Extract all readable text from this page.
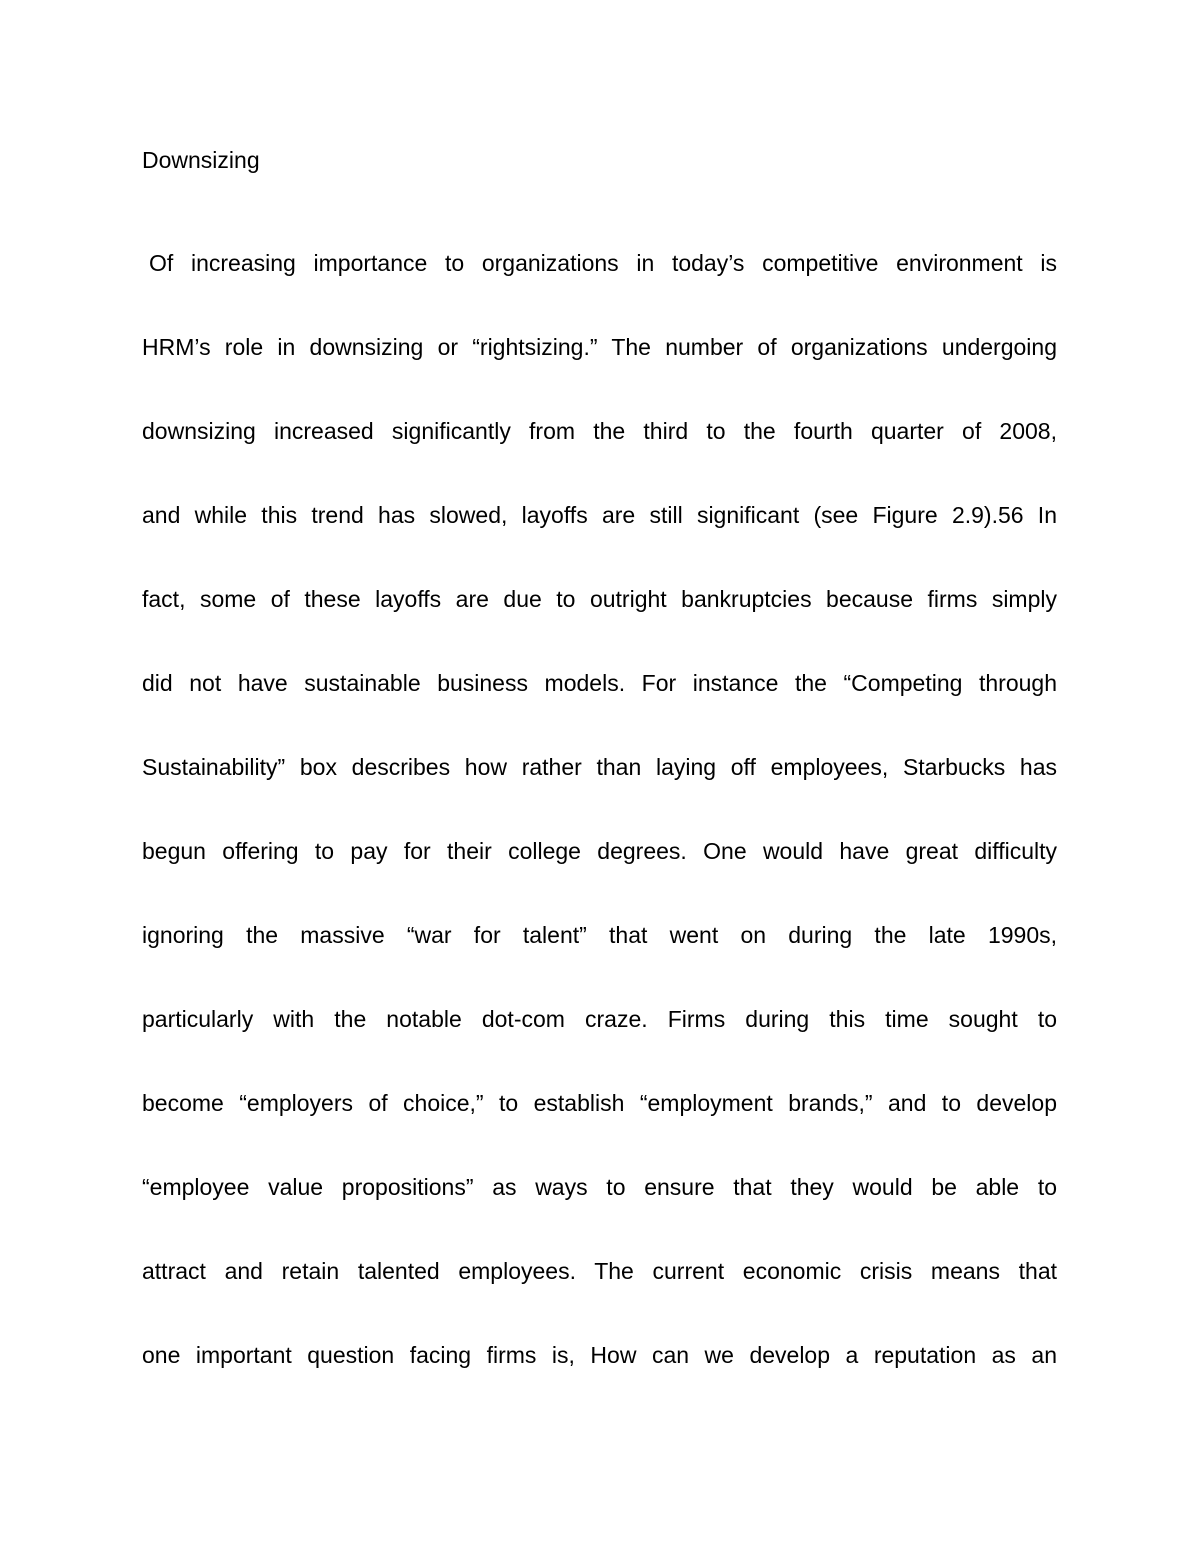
Downsizing
Of increasing importance to organizations in today’s competitive environment is
HRM’s role in downsizing or “rightsizing.” The number of organizations undergoing
downsizing increased significantly from the third to the fourth quarter of 2008,
and while this trend has slowed, layoffs are still significant (see Figure 2.9).56 In
fact, some of these layoffs are due to outright bankruptcies because firms simply
did not have sustainable business models. For instance the “Competing through
Sustainability” box describes how rather than laying off employees, Starbucks has
begun offering to pay for their college degrees. One would have great difficulty
ignoring the massive “war for talent” that went on during the late 1990s,
particularly with the notable dot-com craze. Firms during this time sought to
become “employers of choice,” to establish “employment brands,” and to develop
“employee value propositions” as ways to ensure that they would be able to
attract and retain talented employees. The current economic crisis means that
one important question facing firms is, How can we develop a reputation as an
